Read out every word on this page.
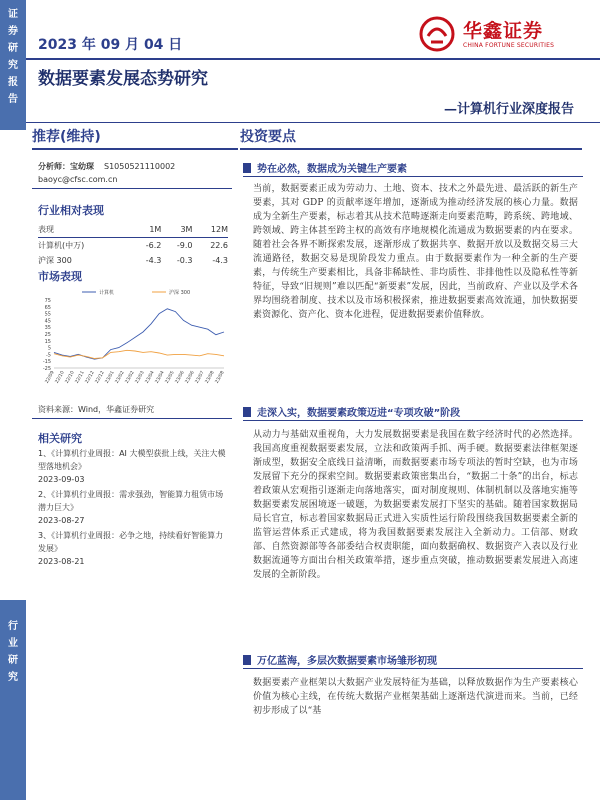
证
券
研
究
报
告
行
业
研
究
2023 年 09 月 04 日
华鑫证券
CHINA FORTUNE SECURITIES
数据要素发展态势研究
—计算机行业深度报告
推荐(维持)	投资要点
分析师：宝幼琛 S1050521110002
baoyc@cfsc.com.cn
行业相对表现
表现	1M	3M	12M
计算机(中万)	-6.2	-9.0	22.6
沪深 300	-4.3	-0.3	-4.3
市场表现
75
65
55
45
35
25
15
5
-5
-15
-25
计算机	沪深 300
22/09 22/10 22/10 22/11 22/12 22/12 23/01 23/02 23/02 23/03 23/04 23/04 23/05 23/06 23/06 23/07 23/08 23/08
资料来源：Wind，华鑫证券研究
相关研究
1、《计算机行业周报：AI 大模型获批上线，关注大模型落地机会》
2023-09-03
2、《计算机行业周报：需求强劲，智能算力租赁市场潜力巨大》
2023-08-27
3、《计算机行业周报：必争之地，持续看好智能算力发展》
2023-08-21
势在必然，数据成为关键生产要素
当前，数据要素正成为劳动力、土地、资本、技术之外最先进、最活跃的新生产要素，其对 GDP 的贡献率逐年增加，逐渐成为推动经济发展的核心力量。数据成为全新生产要素，标志着其从技术范畴逐渐走向要素范畴，跨系统、跨地域、跨领域、跨主体甚至跨主权的高效有序地规模化流通成为数据要素的内在要求。随着社会各界不断探索发展，逐渐形成了数据共享、数据开放以及数据交易三大流通路径，数据交易是现阶段发力重点。由于数据要素作为一种全新的生产要素，与传统生产要素相比，具备非稀缺性、非均质性、非排他性以及隐私性等新特征，导致“旧规则”难以匹配“新要素”发展，因此，当前政府、产业以及学术各界均围绕着制度、技术以及市场积极探索，推进数据要素高效流通，加快数据要素资源化、资产化、资本化进程，促进数据要素价值释放。
走深入实，数据要素政策迈进“专项攻破”阶段
从动力与基础双重视角，大力发展数据要素是我国在数字经济时代的必然选择。我国高度重视数据要素发展，立法和政策两手抓、两手硬。数据要素法律框架逐渐成型，数据安全底线日益清晰，而数据要素市场专项法的暂时空缺，也为市场发展留下充分的探索空间。数据要素政策密集出台，“数据二十条”的出台，标志着政策从宏观指引逐渐走向落地落实，面对制度规则、体制机制以及落地实施等数据要素发展困境逐一破题，为数据要素发展打下坚实的基础。随着国家数据局局长官宣，标志着国家数据局正式进入实质性运行阶段围绕我国数据要素全新的监管运营体系正式建成，将为我国数据要素发展注入全新动力。工信部、财政部、自然资源部等各部委结合权责职能，面向数据确权、数据资产入表以及行业数据流通等方面出台相关政策举措，逐步重点突破，推动数据要素发展进入高速发展的全新阶段。
万亿蓝海，多层次数据要素市场雏形初现
数据要素产业框架以大数据产业发展特征为基础，以释放数据作为生产要素核心价值为核心主线，在传统大数据产业框架基础上逐渐迭代演进而来。当前，已经初步形成了以“基
